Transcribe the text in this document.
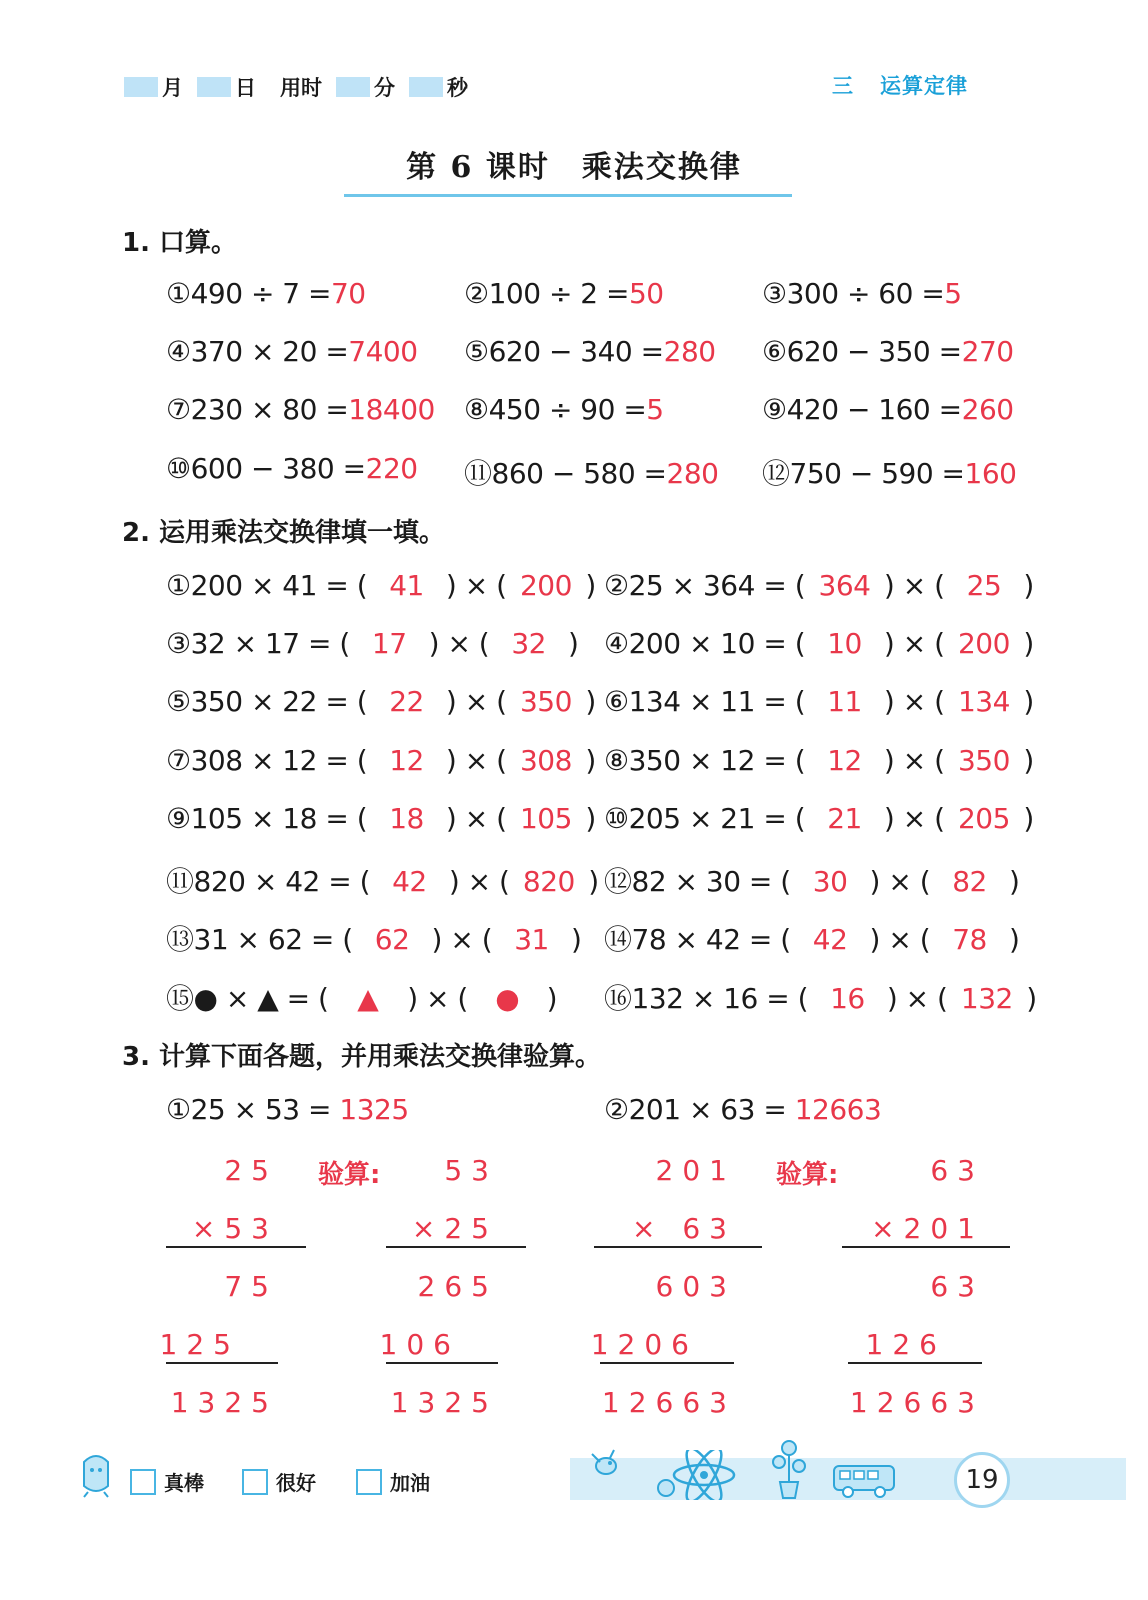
月 日 用时 分 秒	三 运算定律
第 6 课时　乘法交换律
1. 口算。
①490 ÷ 7 =70	②100 ÷ 2 =50	③300 ÷ 60 =5
④370 × 20 =7400 ⑤620 − 340 =280 ⑥620 − 350 =270
⑦230 × 80 =18400 ⑧450 ÷ 90 =5	⑨420 − 160 =260
⑩600 − 380 =220 ⑪860 − 580 =280 ⑫750 − 590 =160
2. 运用乘法交换律填一填。
①200 × 41 = ( 41 ) × ( 200 ) ②25 × 364 = ( 364 ) × ( 25 )
③32 × 17 = ( 17 ) × ( 32 ) ④200 × 10 = ( 10 ) × ( 200 )
⑤350 × 22 = ( 22 ) × ( 350 ) ⑥134 × 11 = ( 11 ) × ( 134 )
⑦308 × 12 = ( 12 ) × ( 308 ) ⑧350 × 12 = ( 12 ) × ( 350 )
⑨105 × 18 = ( 18 ) × ( 105 ) ⑩205 × 21 = ( 21 ) × ( 205 )
⑪820 × 42 = ( 42 ) × ( 820 ) ⑫82 × 30 = ( 30 ) × ( 82 )
⑬31 × 62 = ( 62 ) × ( 31 ) ⑭78 × 42 = ( 42 ) × ( 78 )
⑮● × ▲ = ( ▲ ) × ( ● ) ⑯132 × 16 = ( 16 ) × ( 132 )
3. 计算下面各题，并用乘法交换律验算。
①25 × 53 = 1325	②201 × 63 = 12663
验算:	验算:
25
×53
75
125
1325
53
×25
265
106
1325
201
× 63
603
1206
12663
63
×201
63
126
12663
真棒	很好	加油	19
